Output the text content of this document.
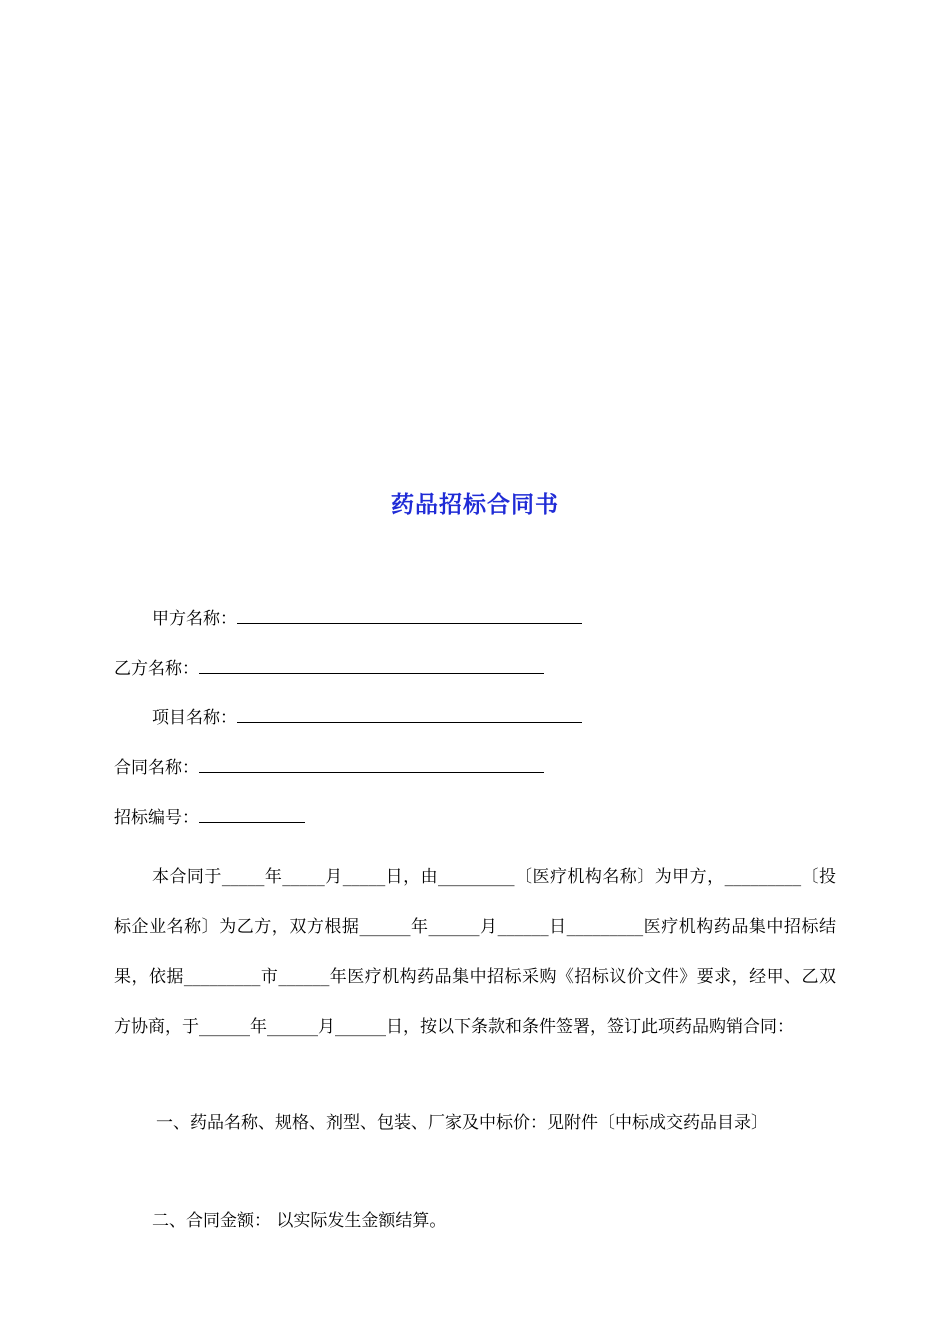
药品招标合同书
甲方名称：
乙方名称：
项目名称：
合同名称：
招标编号：

本合同于_____年_____月_____日，由_________〔医疗机构名称〕为甲方，_________〔投标企业名称〕为乙方，双方根据______年______月______日_________医疗机构药品集中招标结果，依据_________市______年医疗机构药品集中招标采购《招标议价文件》要求，经甲、乙双方协商，于______年______月______日，按以下条款和条件签署，签订此项药品购销合同：

一、药品名称、规格、剂型、包装、厂家及中标价：见附件〔中标成交药品目录〕

二、合同金额： 以实际发生金额结算。
